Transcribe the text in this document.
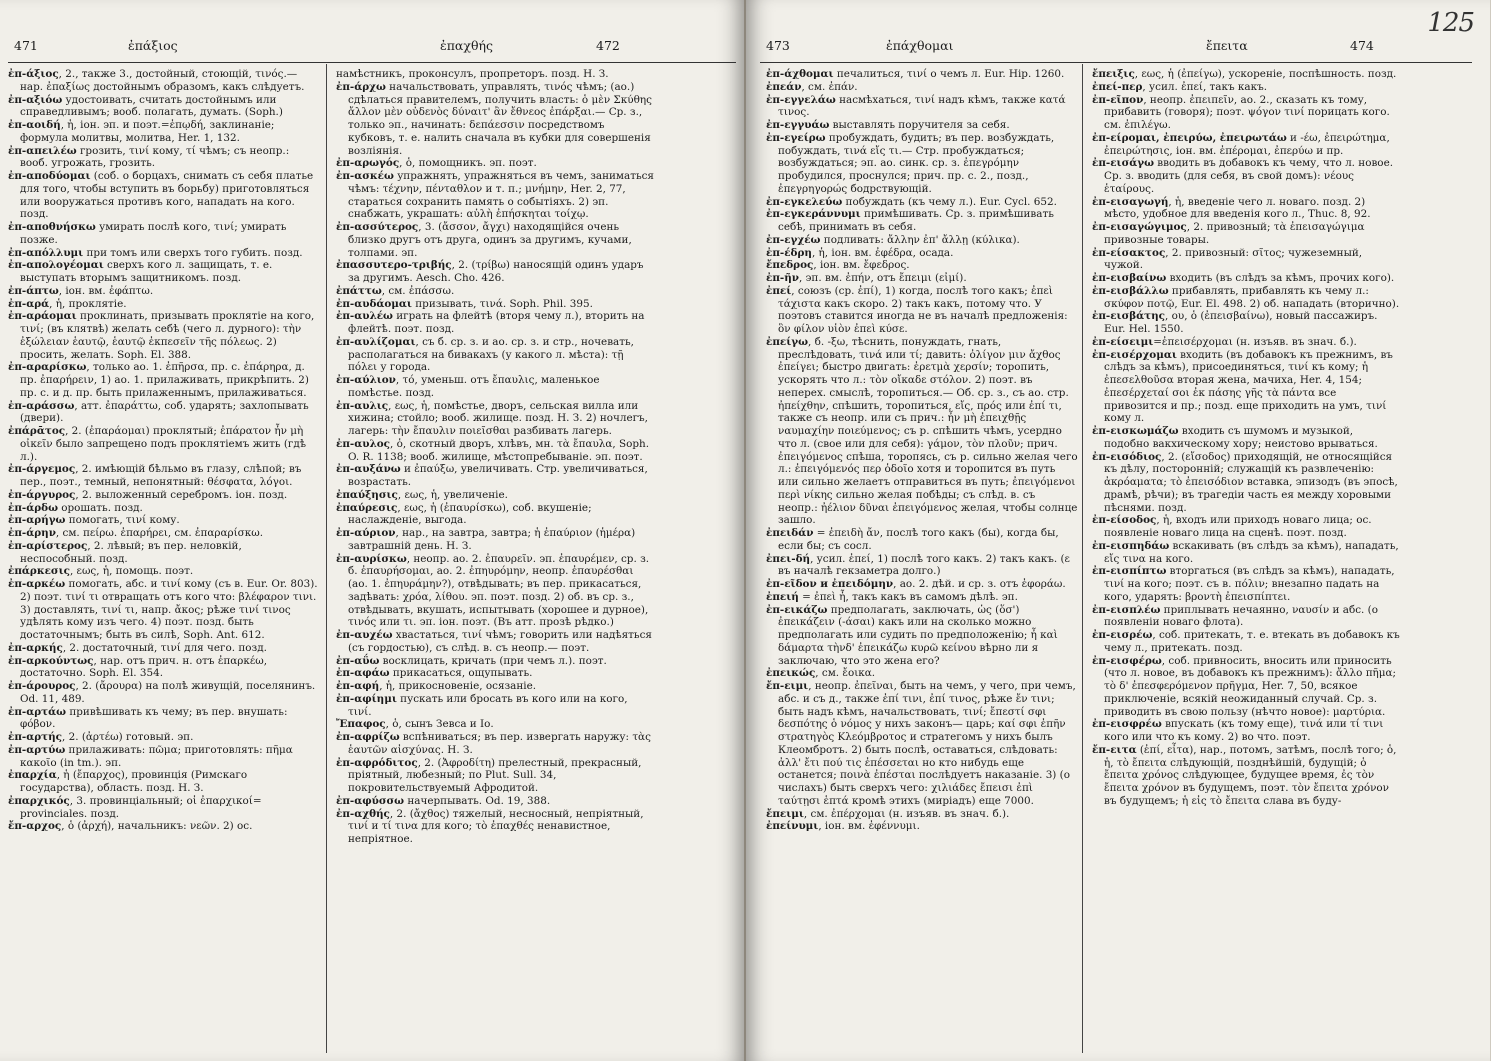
471	ἐπάξιος	ἐπαχθής	472

ἐπ-άξιος, 2., также 3., достойный, стоющій, τινός.— нар. ἐπαξίως достойнымъ образомъ, какъ слѣдуетъ.

ἐπ-αξιόω удостоивать, считать достойнымъ или справедливымъ; вооб. полагать, думать. (Soph.)

ἐπ-αοιδή, ἡ, іон. эп. и поэт.=ἐπῳδή, заклинаніе; формула молитвы, молитва, Her. 1, 132.

ἐπ-απειλέω грозить, τινί кому, τί чѣмъ; съ неопр.: вооб. угрожать, грозить.

ἐπ-αποδύομαι (соб. о борцахъ, снимать съ себя платье для того, чтобы вступить въ борьбу) приготовляться или вооружаться противъ кого, нападать на кого. позд.

ἐπ-αποθνήσκω умирать послѣ кого, τινί; умирать позже.

ἐπ-απόλλυμι при томъ или сверхъ того губить. позд.

ἐπ-απολογέομαι сверхъ кого л. защищать, т. е. выступать вторымъ защитникомъ. позд.

ἐπ-άπτω, іон. вм. ἐφάπτω.

ἐπ-αρά, ἡ, проклятіе.

ἐπ-αράομαι проклинать, призывать проклятіе на кого, τινί; (въ клятвѣ) желать себѣ (чего л. дурного): τὴν ἐξώλειαν ἑαυτῷ, ἑαυτῷ ἐκπεσεῖν τῆς πόλεως. 2) просить, желать. Soph. El. 388.

ἐπ-αραρίσκω, только ао. 1. ἐπῆρσα, пр. с. ἐπάρηρα, д. пр. ἐπαρήρειν, 1) ао. 1. прилаживать, прикрѣпить. 2) пр. с. и д. пр. быть прилаженнымъ, прилаживаться.

ἐπ-αράσσω, атт. ἐπαράττω, соб. ударять; захлопывать (двери).

ἐπάρᾱτος, 2. (ἐπαράομαι) проклятый; ἐπάρατον ἦν μὴ οἰκεῖν было запрещено подъ проклятіемъ жить (гдѣ л.).

ἐπ-άργεμος, 2. имѣющій бѣльмо въ глазу, слѣпой; въ пер., поэт., темный, непонятный: θέσφατα, λόγοι.

ἐπ-άργυρος, 2. выложенный серебромъ. іон. позд.

ἐπ-άρδω орошать. позд.

ἐπ-αρήγω помогать, τινί кому.

ἐπ-άρην, см. πείρω. ἐπαρήρει, см. ἐπαραρίσκω.

ἐπ-αρίστερος, 2. лѣвый; въ пер. неловкій, неспособный. позд.

ἐπάρκεσις, εως, ἡ, помощь. поэт.

ἐπ-αρκέω помогать, абс. и τινί кому (съ в. Eur. Or. 803). 2) поэт. τινί τι отвращать отъ кого что: βλέφαρον τινι. 3) доставлять, τινί τι, напр. ἄκος; рѣже τινί τινος удѣлять кому изъ чего. 4) поэт. позд. быть достаточнымъ; быть въ силѣ, Soph. Ant. 612.

ἐπ-αρκής, 2. достаточный, τινί для чего. позд.

ἐπ-αρκούντως, нар. отъ прич. н. отъ ἐπαρκέω, достаточно. Soph. El. 354.

ἐπ-άρουρος, 2. (ἄρουρα) на полѣ живущій, поселянинъ. Od. 11, 489.

ἐπ-αρτάω привѣшивать къ чему; въ пер. внушать: φόβον.

ἐπ-αρτής, 2. (ἀρτέω) готовый. эп.

ἐπ-αρτύω прилаживать: πῶμα; приготовлять: πῆμα κακοῖο (in tm.). эп.

ἐπαρχία, ἡ (ἔπαρχος), провинція (Римскаго государства), область. позд. Н. З.

ἐπαρχικός, 3. провинціальный; οἱ ἐπαρχικοί= provinciales. позд.

ἔπ-αρχος, ὁ (ἀρχή), начальникъ: νεῶν. 2) ос.

намѣстникъ, проконсулъ, пропреторъ. позд. Н. З.

ἐπ-άρχω начальствовать, управлять, τινός чѣмъ; (ао.) сдѣлаться правителемъ, получить власть: ὁ μὲν Σκύθης ἄλλον μὲν οὐδενὸς δύναιτ' ἂν ἔθνεος ἐπάρξαι.— Ср. з., только эп., начинать: δεπάεσσιν посредствомъ кубковъ, т. е. налить сначала въ кубки для совершенія возліянія.

ἐπ-αρωγός, ὁ, помощникъ. эп. поэт.

ἐπ-ασκέω упражнять, упражняться въ чемъ, заниматься чѣмъ: τέχνην, πένταθλον и т. п.; μνήμην, Her. 2, 77, стараться сохранить память о событіяхъ. 2) эп. снабжать, украшать: αὐλὴ ἐπήσκηται τοίχῳ.

ἐπ-ασσύτερος, 3. (ἄσσον, ἄγχι) находящійся очень близко другъ отъ друга, одинъ за другимъ, кучами, толпами. эп.

ἐπασσυτερο-τριβής, 2. (τρίβω) наносящій одинъ ударъ за другимъ. Aesch. Cho. 426.

ἐπάττω, см. ἐπάσσω.

ἐπ-αυδάομαι призывать, τινά. Soph. Phil. 395.

ἐπ-αυλέω играть на флейтѣ (вторя чему л.), вторить на флейтѣ. поэт. позд.

ἐπ-αυλίζομαι, съ б. ср. з. и ао. ср. з. и стр., ночевать, располагаться на бивакахъ (у какого л. мѣста): τῇ πόλει у города.

ἐπ-αύλιον, τό, уменьш. отъ ἔπαυλις, маленькое помѣстье. позд.

ἐπ-αυλις, εως, ἡ, помѣстье, дворъ, сельская вилла или хижина; стойло; вооб. жилище. позд. Н. З. 2) ночлегъ, лагерь: τὴν ἔπαυλιν ποιεῖσθαι разбивать лагерь.

ἐπ-αυλος, ὁ, скотный дворъ, хлѣвъ, мн. τὰ ἔπαυλα, Soph. O. R. 1138; вооб. жилище, мѣстопребываніе. эп. поэт.

ἐπ-αυξάνω и ἐπαύξω, увеличивать. Стр. увеличиваться, возрастать.

ἐπαύξησις, εως, ἡ, увеличеніе.

ἐπαύρεσις, εως, ἡ (ἐπαυρίσκω), соб. вкушеніе; наслажденіе, выгода.

ἐπ-αύριον, нар., на завтра, завтра; ἡ ἐπαύριον (ἡμέρα) завтрашній день. Н. З.

ἐπ-αυρίσκω, неопр. ао. 2. ἐπαυρεῖν. эп. ἐπαυρέμεν, ср. з. б. ἐπαυρήσομαι, ао. 2. ἐπηυρόμην, неопр. ἐπαυρέσθαι (ао. 1. ἐπηυράμην?), отвѣдывать; въ пер. прикасаться, задѣвать: χρόα, λίθου. эп. поэт. позд. 2) об. въ ср. з., отвѣдывать, вкушать, испытывать (хорошее и дурное), τινός или τι. эп. іон. поэт. (Въ атт. прозѣ рѣдко.)

ἐπ-αυχέω хвастаться, τινί чѣмъ; говорить или надѣяться (съ гордостью), съ слѣд. в. съ неопр.— поэт.

ἐπ-αΰω восклицать, кричать (при чемъ л.). поэт.

ἐπ-αφάω прикасаться, ощупывать.

ἐπ-αφή, ἡ, прикосновеніе, осязаніе.

ἐπ-αφίημι пускать или бросать въ кого или на кого, τινί.

Ἔπαφος, ὁ, сынъ Зевса и Іо.

ἐπ-αφρίζω вспѣниваться; въ пер. извергать наружу: τὰς ἑαυτῶν αἰσχύνας. Н. З.

ἐπ-αφρόδιτος, 2. (Ἀφροδίτη) прелестный, прекрасный, пріятный, любезный; по Plut. Sull. 34, покровительствуемый Афродитой.

ἐπ-αφύσσω начерпывать. Od. 19, 388.

ἐπ-αχθής, 2. (ἄχθος) тяжелый, несносный, непріятный, τινί и τί τινα для кого; τὸ ἐπαχθές ненавистное, непріятное.

125
473	ἐπάχθομαι	ἔπειτα	474

ἐπ-άχθομαι печалиться, τινί о чемъ л. Eur. Hip. 1260.

ἐπεάν, см. ἐπάν.

ἐπ-εγγελάω насмѣхаться, τινί надъ кѣмъ, также κατά τινος.

ἐπ-εγγυάω выставлять поручителя за себя.

ἐπ-εγείρω пробуждать, будить; въ пер. возбуждать, побуждать, τινά εἴς τι.— Стр. пробуждаться; возбуждаться; эп. ао. синк. ср. з. ἐπεγρόμην пробудился, проснулся; прич. пр. с. 2., позд., ἐπεγρηγορώς бодрствующій.

ἐπ-εγκελεύω побуждать (къ чему л.). Eur. Cycl. 652.

ἐπ-εγκεράννυμι примѣшивать. Ср. з. примѣшивать себѣ, принимать въ себя.

ἐπ-εγχέω подливать: ἄλλην ἐπ' ἄλλῃ (κύλικα).

ἐπ-έδρη, ἡ, іон. вм. ἐφέδρα, осада.

ἔπεδρος, іон. вм. ἔφεδρος.

ἐπ-ῆν, эп. вм. ἐπήν, отъ ἔπειμι (εἰμί).

ἐπεί, союзъ (ср. ἐπί), 1) когда, послѣ того какъ; ἐπεὶ τάχιστα какъ скоро. 2) такъ какъ, потому что. У поэтовъ ставится иногда не въ началѣ предложенія: ὃν φίλον υἱὸν ἐπεὶ κύσε.

ἐπείγω, б. -ξω, тѣснить, понуждать, гнать, преслѣдовать, τινά или τί; давить: ὀλίγον μιν ἄχθος ἐπείγει; быстро двигать: ἐρετμὰ χερσίν; торопить, ускорять что л.: τὸν οἴκαδε στόλον. 2) поэт. въ неперех. смыслѣ, торопиться.— Об. ср. з., съ ао. стр. ἠπείχθην, спѣшить, торопиться, εἴς, πρός или ἐπί τι, также съ неопр. или съ прич.: ἦν μὴ ἐπειχθῇς ναυμαχίην ποιεύμενος; съ р. спѣшить чѣмъ, усердно что л. (свое или для себя): γάμον, τὸν πλοῦν; прич. ἐπειγόμενος спѣша, торопясь, съ р. сильно желая чего л.: ἐπειγόμενός περ ὁδοῖο хотя и торопится въ путь или сильно желаетъ отправиться въ путь; ἐπειγόμενοι περὶ νίκης сильно желая побѣды; съ слѣд. в. съ неопр.: ἠέλιον δῦναι ἐπειγόμενος желая, чтобы солнце зашло.

ἐπειδάν = ἐπειδὴ ἄν, послѣ того какъ (бы), когда бы, если бы; съ сосл.

ἐπει-δή, усил. ἐπεί, 1) послѣ того какъ. 2) такъ какъ. (ε въ началѣ гекзаметра долго.)

ἐπ-εῖδον и ἐπειδόμην, ао. 2. дѣй. и ср. з. отъ ἐφοράω.

ἐπειή = ἐπεὶ ἦ, такъ какъ въ самомъ дѣлѣ. эп.

ἐπ-εικάζω предполагать, заключать, ὡς (ὅσ') ἐπεικάζειν (-άσαι) какъ или на сколько можно предполагать или судить по предположенію; ἦ καὶ δάμαρτα τὴνδ' ἐπεικάζω κυρῶ κείνου вѣрно ли я заключаю, что это жена его?

ἐπεικώς, см. ἔοικα.

ἔπ-ειμι, неопр. ἐπεῖναι, быть на чемъ, у чего, при чемъ, абс. и съ д., также ἐπί τινι, ἐπί τινος, рѣже ἔν τινι; быть надъ кѣмъ, начальствовать, τινί; ἔπεστί σφι δεσπότης ὁ νόμος у нихъ законъ— царь; καί σφι ἐπῆν στρατηγὸς Κλεόμβροτος и стратегомъ у нихъ былъ Клеомбротъ. 2) быть послѣ, оставаться, слѣдовать: ἀλλ' ἔτι πού τις ἐπέσσεται но кто нибудь еще останется; ποινὰ ἐπέσται послѣдуетъ наказаніе. 3) (о числахъ) быть сверхъ чего: χιλιάδες ἔπεισι ἐπὶ ταύτῃσι ἑπτά кромѣ этихъ (миріадъ) еще 7000.

ἔπειμι, см. ἐπέρχομαι (н. изъяв. въ знач. б.).

ἐπείνυμι, іон. вм. ἐφέννυμι.

ἔπειξις, εως, ἡ (ἐπείγω), ускореніе, поспѣшность. позд.

ἐπεί-περ, усил. ἐπεί, такъ какъ.

ἐπ-εῖπον, неопр. ἐπειπεῖν, ао. 2., сказать къ тому, прибавить (говоря); поэт. ψόγον τινί порицать кого. см. ἐπιλέγω.

ἐπ-είρομαι, ἐπειρύω, ἐπειρωτάω и -έω, ἐπειρώτημα, ἐπειρώτησις, іон. вм. ἐπέρομαι, ἐπερύω и пр.

ἐπ-εισάγω вводить въ добавокъ къ чему, что л. новое. Ср. з. вводить (для себя, въ свой домъ): νέους ἑταίρους.

ἐπ-εισαγωγή, ἡ, введеніе чего л. новаго. позд. 2) мѣсто, удобное для введенія кого л., Thuc. 8, 92.

ἐπ-εισαγώγιμος, 2. привозный; τὰ ἐπεισαγώγιμα привозные товары.

ἐπ-είσακτος, 2. привозный: σῖτος; чужеземный, чужой.

ἐπ-εισβαίνω входить (въ слѣдъ за кѣмъ, прочих кого).

ἐπ-εισβάλλω прибавлять, прибавлять къ чему л.: σκύφον ποτῷ, Eur. El. 498. 2) об. нападать (вторично).

ἐπ-εισβάτης, ου, ὁ (ἐπεισβαίνω), новый пассажиръ. Eur. Hel. 1550.

ἐπ-είσειμι=ἐπεισέρχομαι (н. изъяв. въ знач. б.).

ἐπ-εισέρχομαι входить (въ добавокъ къ прежнимъ, въ слѣдъ за кѣмъ), присоединяться, τινί къ кому; ἡ ἐπεσελθοῦσα вторая жена, мачиха, Her. 4, 154; ἐπεσέρχεταί σοι ἐκ πάσης γῆς τὰ πάντα все привозится и пр.; позд. еще приходить на умъ, τινί кому л.

ἐπ-εισκωμάζω входить съ шумомъ и музыкой, подобно вакхическому хору; неистово врываться.

ἐπ-εισόδιος, 2. (εἴσοδος) приходящій, не относящійся къ дѣлу, посторонній; служащій къ развлеченію: ἀκρόαματα; τὸ ἐπεισόδιον вставка, эпизодъ (въ эпосѣ, драмѣ, рѣчи); въ трагедіи часть ея между хоровыми пѣснями. позд.

ἐπ-είσοδος, ἡ, входъ или приходъ новаго лица; ос. появленіе новаго лица на сценѣ. поэт. позд.

ἐπ-εισπηδάω вскакивать (въ слѣдъ за кѣмъ), нападать, εἴς τινα на кого.

ἐπ-εισπίπτω вторгаться (въ слѣдъ за кѣмъ), нападать, τινί на кого; поэт. съ в. πόλιν; внезапно падать на кого, ударять: βροντὴ ἐπεισπίπτει.

ἐπ-εισπλέω приплывать нечаянно, ναυσίν и абс. (о появленіи новаго флота).

ἐπ-εισρέω, соб. притекать, т. е. втекать въ добавокъ къ чему л., притекать. позд.

ἐπ-εισφέρω, соб. привносить, вносить или приносить (что л. новое, въ добавокъ къ прежнимъ): ἄλλο πῆμα; τὸ δ' ἐπεσφερόμενον πρῆγμα, Her. 7, 50, всякое приключеніе, всякій неожиданный случай. Ср. з. приводить въ свою пользу (нѣчто новое): μαρτύρια.

ἐπ-εισφρέω впускать (къ тому еще), τινά или τί τινι кого или что къ кому. 2) во что. поэт.

ἔπ-ειτα (ἐπί, εἶτα), нар., потомъ, затѣмъ, послѣ того; ὁ, ἡ, τὸ ἔπειτα слѣдующій, позднѣйшій, будущій; ὁ ἔπειτα χρόνος слѣдующее, будущее время, ἐς τὸν ἔπειτα χρόνον въ будущемъ, поэт. τὸν ἔπειτα χρόνον въ будущемъ; ἡ εἰς τὸ ἔπειτα слава въ буду-
